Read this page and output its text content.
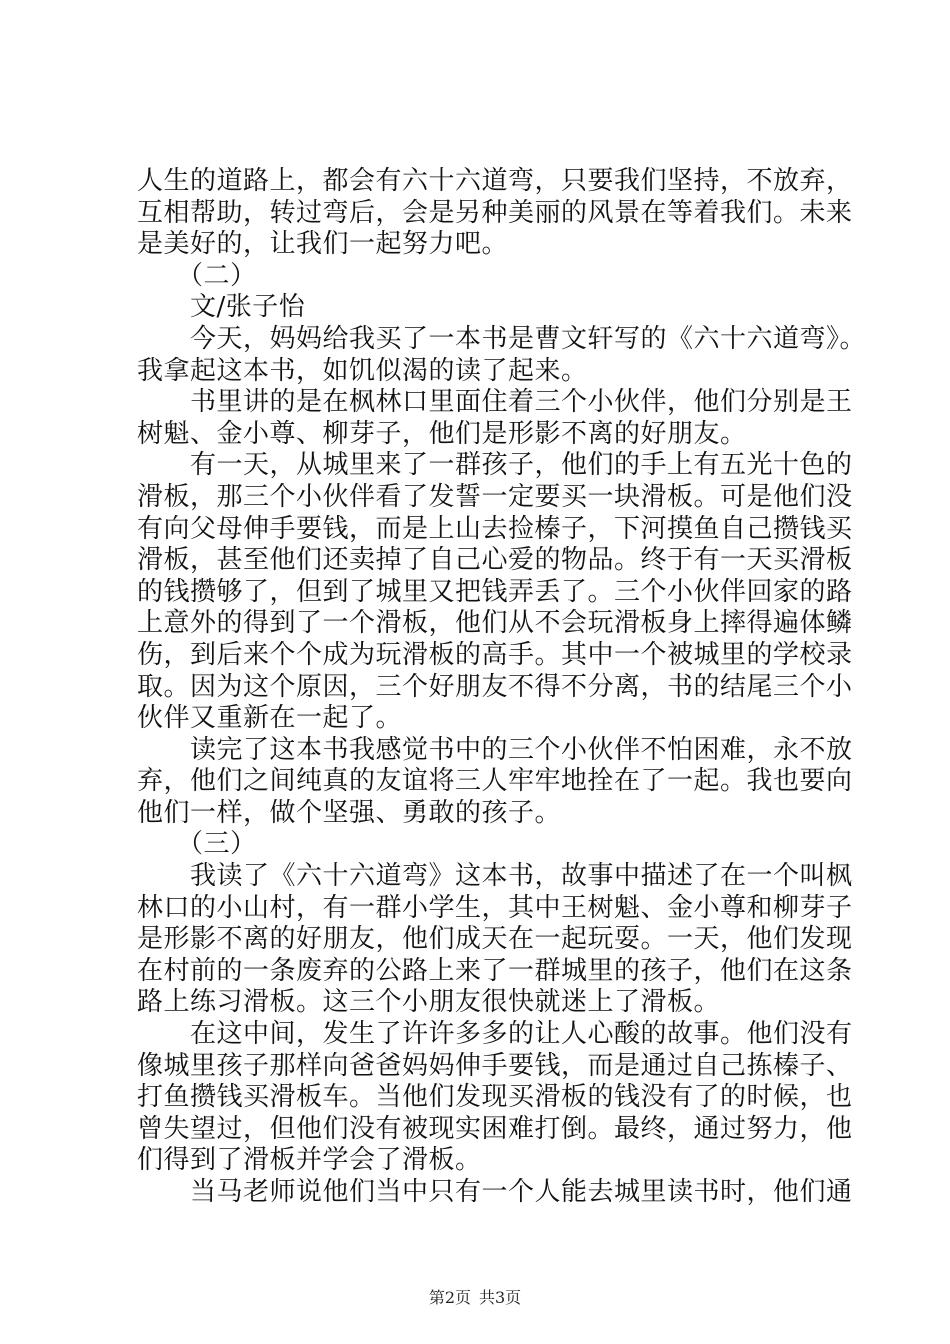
人生的道路上，都会有六十六道弯，只要我们坚持，不放弃，
互相帮助，转过弯后，会是另种美丽的风景在等着我们。未来
是美好的，让我们一起努力吧。
　　（二）
　　文/张子怡
　　今天，妈妈给我买了一本书是曹文轩写的《六十六道弯》。
我拿起这本书，如饥似渴的读了起来。
　　书里讲的是在枫林口里面住着三个小伙伴，他们分别是王
树魁、金小尊、柳芽子，他们是形影不离的好朋友。
　　有一天，从城里来了一群孩子，他们的手上有五光十色的
滑板，那三个小伙伴看了发誓一定要买一块滑板。可是他们没
有向父母伸手要钱，而是上山去捡榛子，下河摸鱼自己攒钱买
滑板，甚至他们还卖掉了自己心爱的物品。终于有一天买滑板
的钱攒够了，但到了城里又把钱弄丢了。三个小伙伴回家的路
上意外的得到了一个滑板，他们从不会玩滑板身上摔得遍体鳞
伤，到后来个个成为玩滑板的高手。其中一个被城里的学校录
取。因为这个原因，三个好朋友不得不分离，书的结尾三个小
伙伴又重新在一起了。
　　读完了这本书我感觉书中的三个小伙伴不怕困难，永不放
弃，他们之间纯真的友谊将三人牢牢地拴在了一起。我也要向
他们一样，做个坚强、勇敢的孩子。
　　（三）
　　我读了《六十六道弯》这本书，故事中描述了在一个叫枫
林口的小山村，有一群小学生，其中王树魁、金小尊和柳芽子
是形影不离的好朋友，他们成天在一起玩耍。一天，他们发现
在村前的一条废弃的公路上来了一群城里的孩子，他们在这条
路上练习滑板。这三个小朋友很快就迷上了滑板。
　　在这中间，发生了许许多多的让人心酸的故事。他们没有
像城里孩子那样向爸爸妈妈伸手要钱，而是通过自己拣榛子、
打鱼攒钱买滑板车。当他们发现买滑板的钱没有了的时候，也
曾失望过，但他们没有被现实困难打倒。最终，通过努力，他
们得到了滑板并学会了滑板。
　　当马老师说他们当中只有一个人能去城里读书时，他们通
第2页 共3页
